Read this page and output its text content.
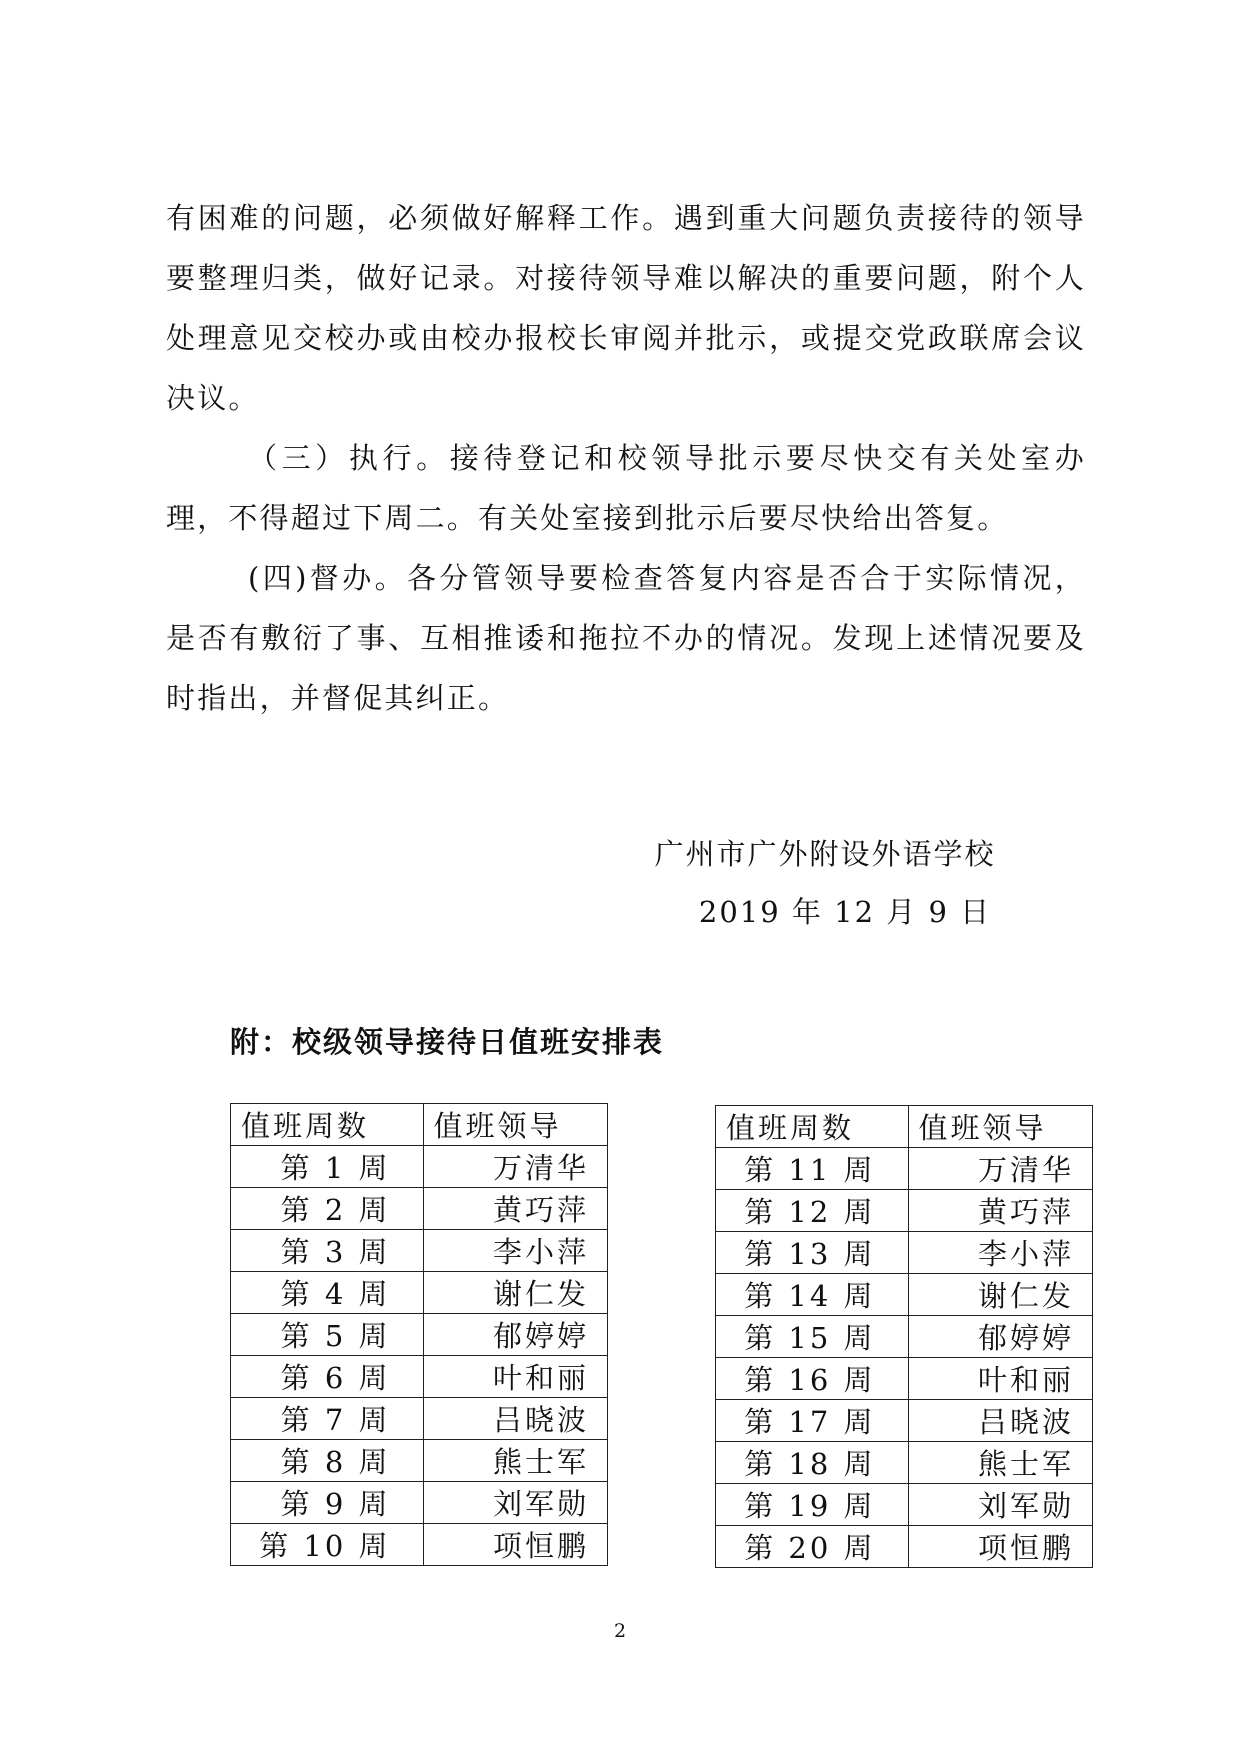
有困难的问题，必须做好解释工作。遇到重大问题负责接待的领导要整理归类，做好记录。对接待领导难以解决的重要问题，附个人处理意见交校办或由校办报校长审阅并批示，或提交党政联席会议决议。

（三）执行。接待登记和校领导批示要尽快交有关处室办理，不得超过下周二。有关处室接到批示后要尽快给出答复。

(四)督办。各分管领导要检查答复内容是否合于实际情况，是否有敷衍了事、互相推诿和拖拉不办的情况。发现上述情况要及时指出，并督促其纠正。

广州市广外附设外语学校
2019 年 12 月 9 日
附：校级领导接待日值班安排表
值班周数	值班领导
第 1 周	万清华
第 2 周	黄巧萍
第 3 周	李小萍
第 4 周	谢仁发
第 5 周	郁婷婷
第 6 周	叶和丽
第 7 周	吕晓波
第 8 周	熊士军
第 9 周	刘军勋
第 10 周	项恒鹏
值班周数	值班领导
第 11 周	万清华
第 12 周	黄巧萍
第 13 周	李小萍
第 14 周	谢仁发
第 15 周	郁婷婷
第 16 周	叶和丽
第 17 周	吕晓波
第 18 周	熊士军
第 19 周	刘军勋
第 20 周	项恒鹏
2
